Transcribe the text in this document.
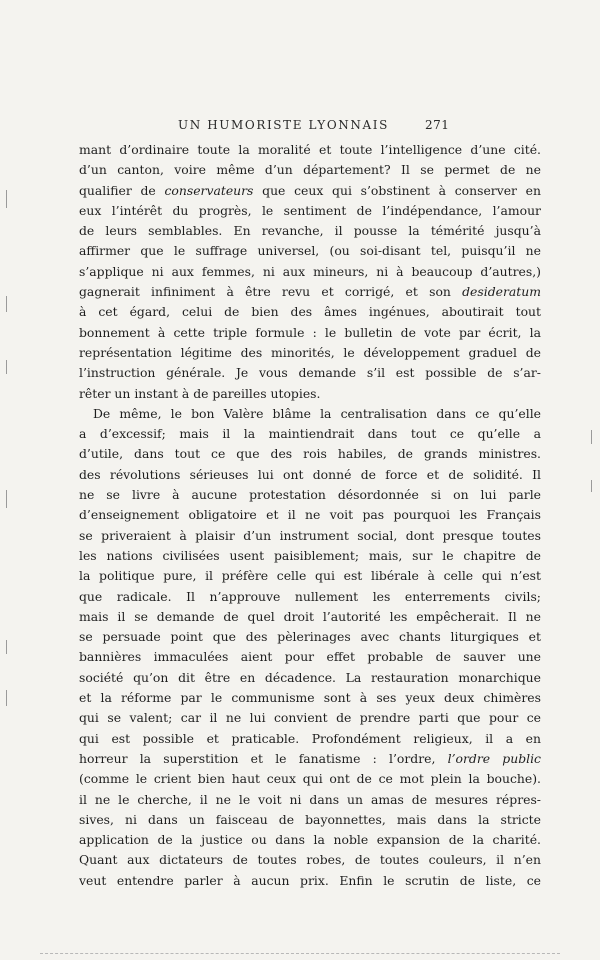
UN HUMORISTE LYONNAIS	271
mant d’ordinaire toute la moralité et toute l’intelligence d’une cité.
d’un canton, voire même d’un département? Il se permet de ne
qualifier de conservateurs que ceux qui s’obstinent à conserver en
eux l’intérêt du progrès, le sentiment de l’indépendance, l’amour
de leurs semblables. En revanche, il pousse la témérité jusqu’à
affirmer que le suffrage universel, (ou soi-disant tel, puisqu’il ne
s’applique ni aux femmes, ni aux mineurs, ni à beaucoup d’autres,)
gagnerait infiniment à être revu et corrigé, et son desideratum
à cet égard, celui de bien des âmes ingénues, aboutirait tout
bonnement à cette triple formule : le bulletin de vote par écrit, la
représentation légitime des minorités, le développement graduel de
l’instruction générale. Je vous demande s’il est possible de s’ar-
rêter un instant à de pareilles utopies.
De même, le bon Valère blâme la centralisation dans ce qu’elle
a d’excessif; mais il la maintiendrait dans tout ce qu’elle a
d’utile, dans tout ce que des rois habiles, de grands ministres.
des révolutions sérieuses lui ont donné de force et de solidité. Il
ne se livre à aucune protestation désordonnée si on lui parle
d’enseignement obligatoire et il ne voit pas pourquoi les Français
se priveraient à plaisir d’un instrument social, dont presque toutes
les nations civilisées usent paisiblement; mais, sur le chapitre de
la politique pure, il préfère celle qui est libérale à celle qui n’est
que radicale. Il n’approuve nullement les enterrements civils;
mais il se demande de quel droit l’autorité les empêcherait. Il ne
se persuade point que des pèlerinages avec chants liturgiques et
bannières immaculées aient pour effet probable de sauver une
société qu’on dit être en décadence. La restauration monarchique
et la réforme par le communisme sont à ses yeux deux chimères
qui se valent; car il ne lui convient de prendre parti que pour ce
qui est possible et praticable. Profondément religieux, il a en
horreur la superstition et le fanatisme : l’ordre, l’ordre public
(comme le crient bien haut ceux qui ont de ce mot plein la bouche).
il ne le cherche, il ne le voit ni dans un amas de mesures répres-
sives, ni dans un faisceau de bayonnettes, mais dans la stricte
application de la justice ou dans la noble expansion de la charité.
Quant aux dictateurs de toutes robes, de toutes couleurs, il n’en
veut entendre parler à aucun prix. Enfin le scrutin de liste, ce
